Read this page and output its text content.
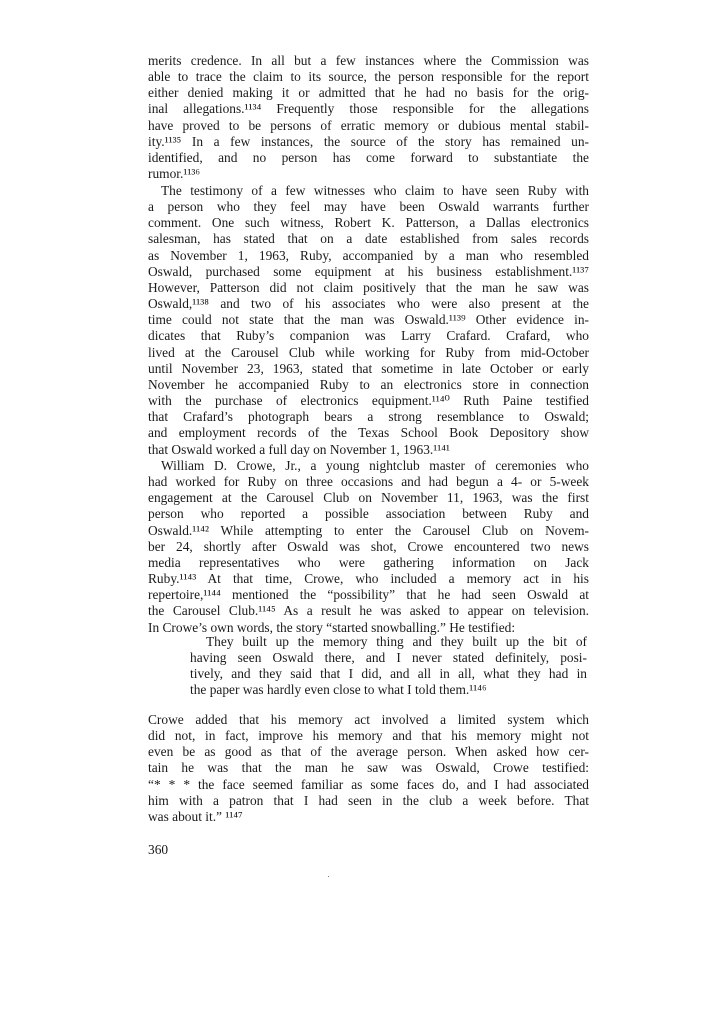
merits credence. In all but a few instances where the Commission was
able to trace the claim to its source, the person responsible for the report
either denied making it or admitted that he had no basis for the orig-
inal allegations.¹¹³⁴ Frequently those responsible for the allegations
have proved to be persons of erratic memory or dubious mental stabil-
ity.¹¹³⁵ In a few instances, the source of the story has remained un-
identified, and no person has come forward to substantiate the
rumor.¹¹³⁶

The testimony of a few witnesses who claim to have seen Ruby with
a person who they feel may have been Oswald warrants further
comment. One such witness, Robert K. Patterson, a Dallas electronics
salesman, has stated that on a date established from sales records
as November 1, 1963, Ruby, accompanied by a man who resembled
Oswald, purchased some equipment at his business establishment.¹¹³⁷
However, Patterson did not claim positively that the man he saw was
Oswald,¹¹³⁸ and two of his associates who were also present at the
time could not state that the man was Oswald.¹¹³⁹ Other evidence in-
dicates that Ruby’s companion was Larry Crafard. Crafard, who
lived at the Carousel Club while working for Ruby from mid-October
until November 23, 1963, stated that sometime in late October or early
November he accompanied Ruby to an electronics store in connection
with the purchase of electronics equipment.¹¹⁴⁰ Ruth Paine testified
that Crafard’s photograph bears a strong resemblance to Oswald;
and employment records of the Texas School Book Depository show
that Oswald worked a full day on November 1, 1963.¹¹⁴¹

William D. Crowe, Jr., a young nightclub master of ceremonies who
had worked for Ruby on three occasions and had begun a 4- or 5-week
engagement at the Carousel Club on November 11, 1963, was the first
person who reported a possible association between Ruby and
Oswald.¹¹⁴² While attempting to enter the Carousel Club on Novem-
ber 24, shortly after Oswald was shot, Crowe encountered two news
media representatives who were gathering information on Jack
Ruby.¹¹⁴³ At that time, Crowe, who included a memory act in his
repertoire,¹¹⁴⁴ mentioned the “possibility” that he had seen Oswald at
the Carousel Club.¹¹⁴⁵ As a result he was asked to appear on television.
In Crowe’s own words, the story “started snowballing.” He testified:

They built up the memory thing and they built up the bit of
having seen Oswald there, and I never stated definitely, posi-
tively, and they said that I did, and all in all, what they had in
the paper was hardly even close to what I told them.¹¹⁴⁶

Crowe added that his memory act involved a limited system which
did not, in fact, improve his memory and that his memory might not
even be as good as that of the average person. When asked how cer-
tain he was that the man he saw was Oswald, Crowe testified:
“* * * the face seemed familiar as some faces do, and I had associated
him with a patron that I had seen in the club a week before. That
was about it.” ¹¹⁴⁷

360
